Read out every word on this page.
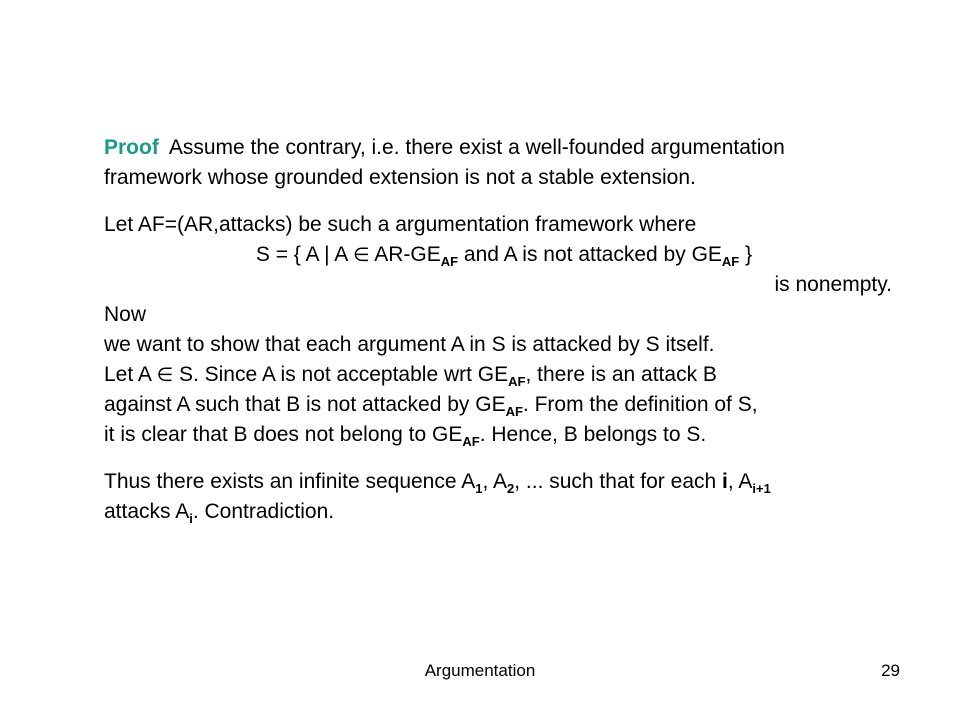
Proof Assume the contrary, i.e. there exist a well-founded argumentation
framework whose grounded extension is not a stable extension.
Let AF=(AR,attacks) be such a argumentation framework where
S = { A | A ∈ $AR-GE_{AF}$ and A is not attacked by $GE_{AF}$ }
is nonempty.
Now
we want to show that each argument A in S is attacked by S itself.
Let A ∈ S. Since A is not acceptable wrt $GE_{AF}$, there is an attack B
against A such that B is not attacked by $GE_{AF}$. From the definition of S,
it is clear that B does not belong to $GE_{AF}$. Hence, B belongs to S.
Thus there exists an infinite sequence $A_1$, $A_2$, ... such that for each i, $A_{i+1}$
attacks $A_i$. Contradiction.
Argumentation	29
